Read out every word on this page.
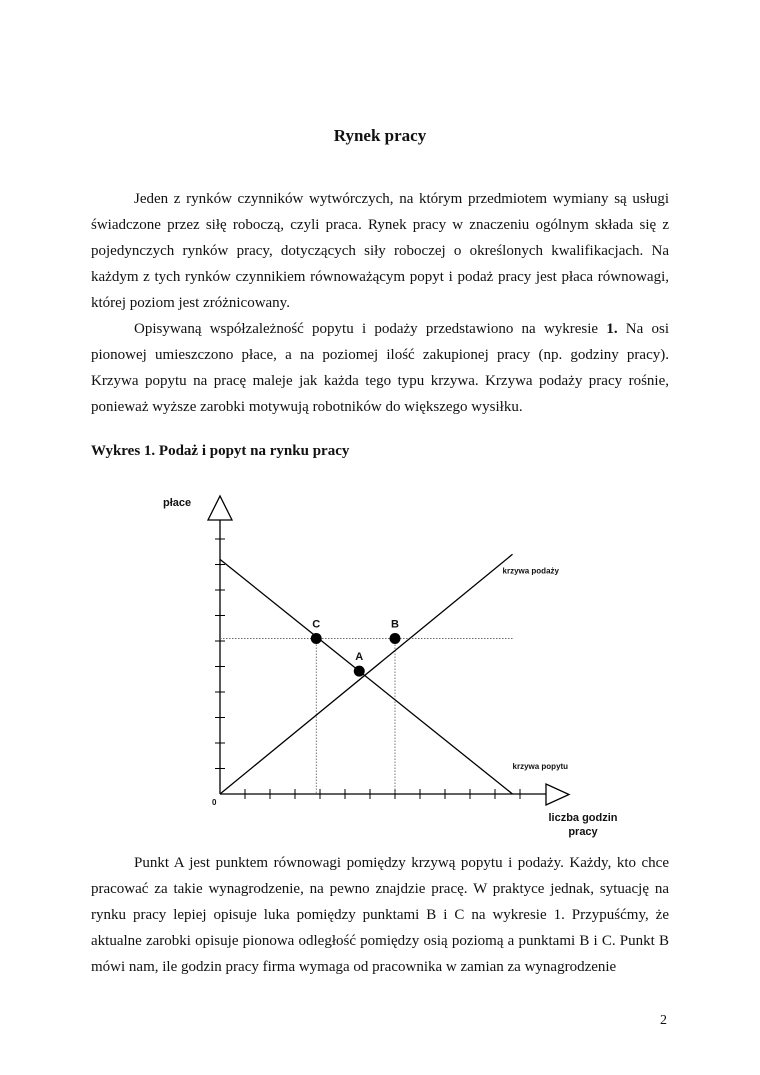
Rynek pracy

Jeden z rynków czynników wytwórczych, na którym przedmiotem wymiany są usługi świadczone przez siłę roboczą, czyli praca. Rynek pracy w znaczeniu ogólnym składa się z pojedynczych rynków pracy, dotyczących siły roboczej o określonych kwalifikacjach. Na każdym z tych rynków czynnikiem równoważącym popyt i podaż pracy jest płaca równowagi, której poziom jest zróżnicowany.

Opisywaną współzależność popytu i podaży przedstawiono na wykresie 1. Na osi pionowej umieszczono płace, a na poziomej ilość zakupionej pracy (np. godziny pracy). Krzywa popytu na pracę maleje jak każda tego typu krzywa. Krzywa podaży pracy rośnie, ponieważ wyższe zarobki motywują robotników do większego wysiłku.

Wykres 1. Podaż i popyt na rynku pracy

krzywa podaży
krzywa popytu
A
B
C
płace
0
liczba godzin
pracy

Punkt A jest punktem równowagi pomiędzy krzywą popytu i podaży. Każdy, kto chce pracować za takie wynagrodzenie, na pewno znajdzie pracę. W praktyce jednak, sytuację na rynku pracy lepiej opisuje luka pomiędzy punktami B i C na wykresie 1. Przypuśćmy, że aktualne zarobki opisuje pionowa odległość pomiędzy osią poziomą a punktami B i C. Punkt B mówi nam, ile godzin pracy firma wymaga od pracownika w zamian za wynagrodzenie

2
